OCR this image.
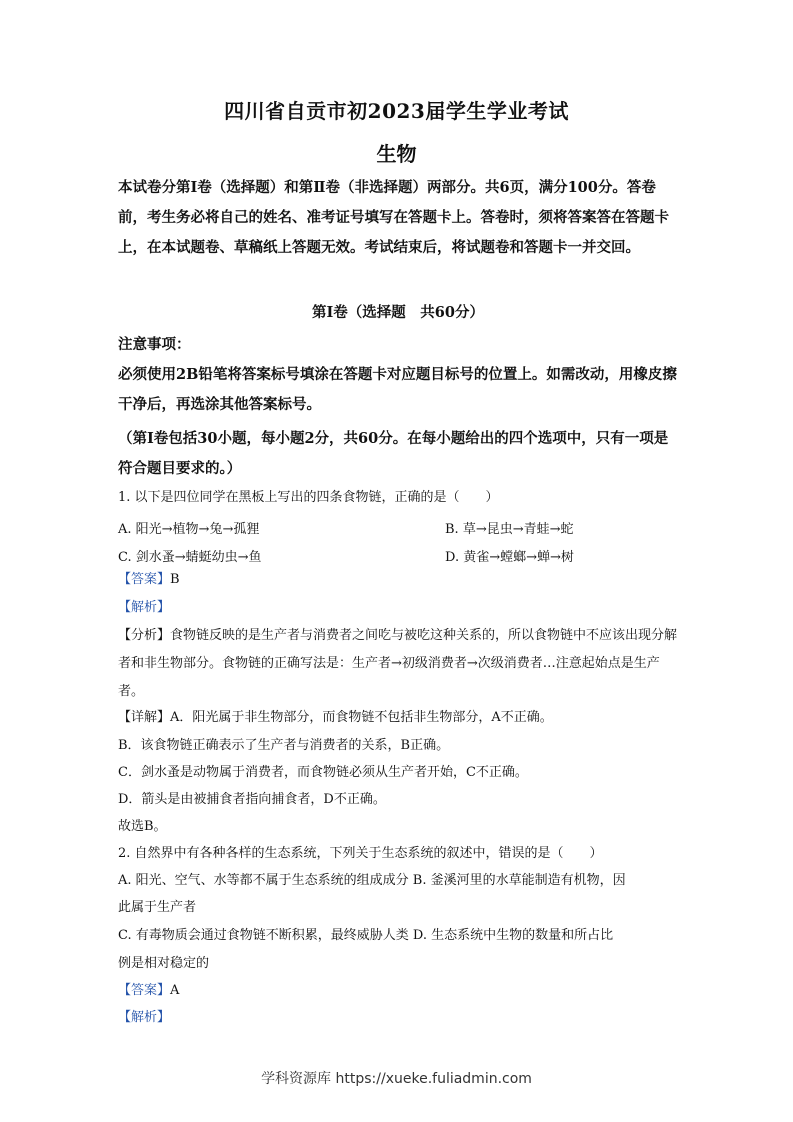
四川省自贡市初2023届学生学业考试
生物
本试卷分第Ⅰ卷（选择题）和第Ⅱ卷（非选择题）两部分。共6页，满分100分。答卷前，考生务必将自己的姓名、准考证号填写在答题卡上。答卷时，须将答案答在答题卡上，在本试题卷、草稿纸上答题无效。考试结束后，将试题卷和答题卡一并交回。
第Ⅰ卷（选择题　共60分）
注意事项：
必须使用2B铅笔将答案标号填涂在答题卡对应题目标号的位置上。如需改动，用橡皮擦干净后，再选涂其他答案标号。
（第Ⅰ卷包括30小题，每小题2分，共60分。在每小题给出的四个选项中，只有一项是符合题目要求的。）
1. 以下是四位同学在黑板上写出的四条食物链，正确的是（　　）
A. 阳光→植物→兔→孤狸	B. 草→昆虫→青蛙→蛇
C. 剑水蚤→蜻蜓幼虫→鱼	D. 黄雀→螳螂→蝉→树
【答案】B
【解析】
【分析】食物链反映的是生产者与消费者之间吃与被吃这种关系的，所以食物链中不应该出现分解者和非生物部分。食物链的正确写法是：生产者→初级消费者→次级消费者…注意起始点是生产者。
【详解】A．阳光属于非生物部分，而食物链不包括非生物部分，A不正确。
B．该食物链正确表示了生产者与消费者的关系，B正确。
C．剑水蚤是动物属于消费者，而食物链必须从生产者开始，C不正确。
D．箭头是由被捕食者指向捕食者，D不正确。
故选B。
2. 自然界中有各种各样的生态系统，下列关于生态系统的叙述中，错误的是（　　）
A. 阳光、空气、水等都不属于生态系统的组成成分 B. 釜溪河里的水草能制造有机物，因
此属于生产者
C. 有毒物质会通过食物链不断积累，最终威胁人类 D. 生态系统中生物的数量和所占比
例是相对稳定的
【答案】A
【解析】
学科资源库 https://xueke.fuliadmin.com
